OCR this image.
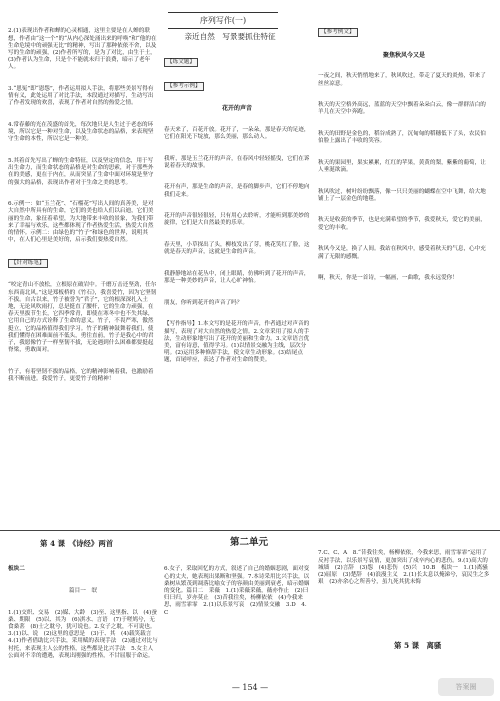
2.(1)表现出作者和蝉的心灵相通，这里主要是在人蝉的联想，作者由“这一个”的“从内心深处涌出来的呼唤”和“他的在生命危境中的顽强无比”的精神，写出了那种依依不舍，以及写的生命的顽强，(2)作者所写的，是为了对比，由生于土，(3)作者认为生命，只是个不能就未归于浪费，暗示了老年人。

3.“恩冤”即“恩怨”，作者运用拟人手法，将那些美景写得有情有义，此处运用了对比手法，本段通过对描写，生动写出了作者发现的欢喜，表现了作者对自然的热爱之情。

4.常春藤的光在茂盛的首先，每次地只是人生过于老态的环境，所以它是一种对生命，以及生命状态的品格，来表现坚守生命的本性，所以它是一种美。

5.其着首先写出了蝉的生命特征，以及坚定的信念，用于写出生命力，而生命状态的品格是对生命的思索，对于那些外在的美感，更在于内在，从而突显了生命中面对环境是坚守的强大的品格，表现出作者对于生命之美的思考。

6.示例一：如“玉兰花”、“石榴花”写出人间的真善美，是对大自然中所具有的生命，它们的美也给人们以启迪，它们美丽的生命，象征着希望，为大地带来丰收的景象，为我们带来了幸福与欢乐，这些都体现了作者热爱生活，热爱大自然的情怀。示例二：由绿色的“竹子”和绿色的世界，说明其中，在人们心里是美好的，启示我们要热爱自然。

【针对练笔】

“咬定青山不放松，立根原在破岩中。千磨万击还坚劲，任尔东西南北风。”这是郑板桥的《竹石》，我喜爱竹，因为它坚韧不拔。自古以来，竹子被誉为“君子”，它的根深深扎入土地，无论风吹雨打，总是挺直了腰杆，它的生命力顽强，在春天里拔节生长，它四季常青，即使在寒冬中也不失其绿，它用自己的方式诠释了生命的意义。竹子，不畏严寒，傲然挺立，它的品格值得我们学习。竹子的精神鼓舞着我们，使我们懂得在困难面前不低头，勇往直前，竹子是我心中的君子，我愿像竹子一样坚韧不拔，无论遇到什么困难都要挺起脊梁，勇敢面对。

竹子，有着坚韧不拔的品格，它的精神影响着我，也激励着我不断前进。我爱竹子，更爱竹子的精神！

序列写作(一)
亲近自然　写景要抓住特征

【练文题】

【参考示例】

花开的声音

春天来了，百花开放。花开了，一朵朵，那是春天的足迹，它们在阳光下绽放，那么美丽，那么动人。

我听，那是玉兰花开的声音，在春风中轻轻摇曳，它们在诉说着春天的故事。

花开有声，那是生命的声音，是春的脚步声，它们不停地向我们走来。

花开的声音很轻很轻，只有用心去聆听，才能听到那美妙的旋律，它们是大自然最美的乐章。

春天里，小草探出了头，柳枝发出了芽，桃花笑红了脸，这就是春天的声音，这就是生命的声音。

我静静地站在花丛中，闭上眼睛，仿佛听到了花开的声音，那是一种美妙的声音，让人心旷神怡。

朋友，你听到花开的声音了吗？

【写作指导】1.本文写的是花开的声音，作者通过对声音的描写，表现了对大自然的热爱之情。2.文章采用了拟人的手法，生动形象地写出了花开的美丽和生命力。3.文章语言优美，富有诗意，值得学习。(1)以情景交融为主线，层次分明。(2)运用多种修辞手法，使文章生动形象。(3)结尾点题，首尾呼应，表达了作者对生命的赞美。

【参考例文】

聚焦秋风今又是

一夜之间，秋天悄悄地来了，秋风吹过，带走了夏天的炎热，带来了丝丝凉意。

秋天的天空格外高远，蓝蓝的天空中飘着朵朵白云，像一群群洁白的羊儿在天空中奔跑。

秋天的田野是金色的，稻谷成熟了，沉甸甸的稻穗低下了头，农民伯伯脸上露出了丰收的笑容。

秋天的果园里，果实累累，红红的苹果，黄黄的梨，紫紫的葡萄，让人垂涎欲滴。

秋风吹过，树叶纷纷飘落，像一只只美丽的蝴蝶在空中飞舞，给大地铺上了一层金色的地毯。

秋天是收获的季节，也是充满希望的季节，我爱秋天，爱它的美丽，爱它的丰收。

秋风今又是，换了人间。我站在秋风中，感受着秋天的气息，心中充满了无限的感慨。

啊，秋天，你是一首诗，一幅画，一曲歌，我永远爱你！

第二单元
第 4 课　《诗经》两首

板块二

篇目一　氓

1.(1)交织、交易　(2)媒、大龄　(3)至、这里指、以　(4)蚕桑、期限　(5)以、其为　(6)淇水、言语　(7)于嗟鸠兮，无食桑葚　(8)士之耽兮，犹可说也。2.女子之耽，不可说也。3.(1)以、说　(2)这里的意思是　(3)于、其　(4)载笑载言　4.(1)作者借助比兴手法，采用赋的表现手法　(2)通过对比与衬托，来表现主人公的性格，这些都是比兴手法　5.女主人公面对不幸的遭遇，表现出刚强的性格，不甘屈服于命运。

6.女子，采取回忆的方式，叙述了自己的婚姻悲剧，面对变心的丈夫，她表现出果断和坚强。7.本诗采用比兴手法，以桑树从繁茂到凋落比喻女子的容颜由美丽到衰老，暗示婚姻的变化。篇目二　采薇　1.(1)采薇采薇，薇亦作止　(2)曰归曰归，岁亦莫止　(3)昔我往矣，杨柳依依　(4)今我来思，雨雪霏霏　2.(1)以乐景写哀　(2)情景交融　3.D　4.C

7.C、C、A　8.“昔我往矣，杨柳依依，今我来思，雨雪霏霏”运用了反衬手法，以乐景写哀情，更加突出了戍卒内心的悲伤。9.(1)高大的城墙　(2)言辞　(3)怨　(4)悲伤　(5)兴　10.B　板块一　1.(1)离骚　(2)屈原　(3)楚辞　(4)浪漫主义　2.(1)长太息以掩涕兮，哀民生之多艰　(2)亦余心之所善兮，虽九死其犹未悔

第 5 课　离骚
— 154 —	答案圈
